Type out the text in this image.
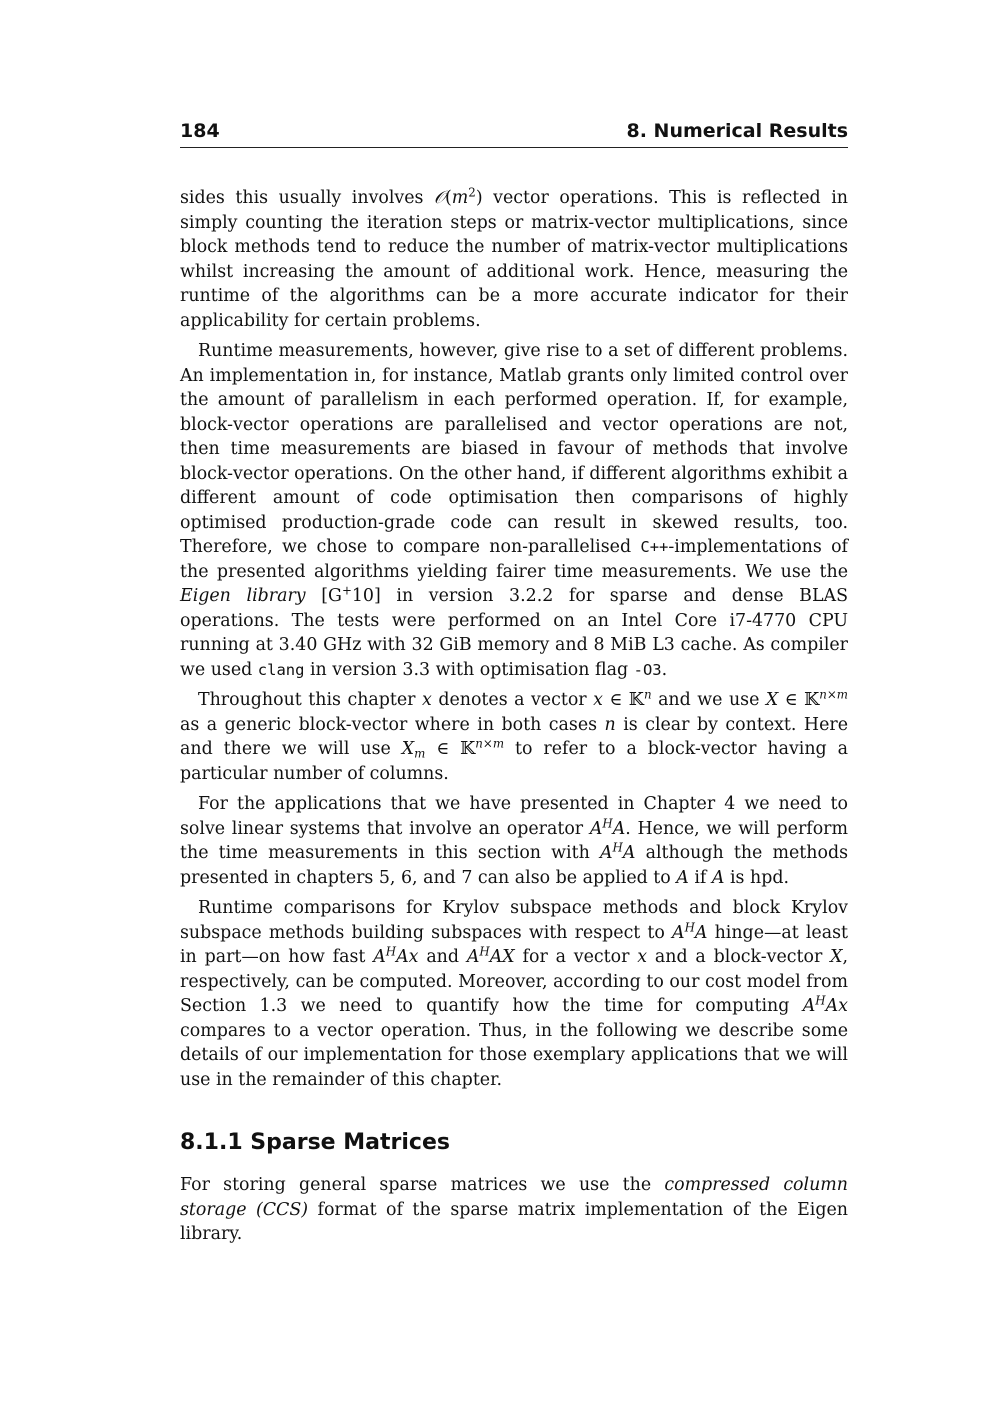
184	8. Numerical Results

sides this usually involves $𝒪(m^2)$ vector operations. This is reflected in simply counting the iteration steps or matrix-vector multiplications, since block methods tend to reduce the number of matrix-vector multiplications whilst increasing the amount of additional work. Hence, measuring the runtime of the algorithms can be a more accurate indicator for their applicability for certain problems.

Runtime measurements, however, give rise to a set of different problems. An implementation in, for instance, Matlab grants only limited control over the amount of parallelism in each performed operation. If, for example, block-vector operations are parallelised and vector operations are not, then time measurements are biased in favour of methods that involve block-vector operations. On the other hand, if different algorithms exhibit a different amount of code optimisation then comparisons of highly optimised production-grade code can result in skewed results, too. Therefore, we chose to compare non-parallelised C++-implementations of the presented algorithms yielding fairer time measurements. We use the Eigen library [G+10] in version 3.2.2 for sparse and dense BLAS operations. The tests were performed on an Intel Core i7-4770 CPU running at 3.40 GHz with 32 GiB memory and 8 MiB L3 cache. As compiler we used clang in version 3.3 with optimisation flag -O3.

Throughout this chapter x denotes a vector x ∈ 𝕂$^n$ and we use X ∈ 𝕂$^{n\times m}$ as a generic block-vector where in both cases n is clear by context. Here and there we will use $X_m$ ∈ 𝕂$^{n\times m}$ to refer to a block-vector having a particular number of columns.

For the applications that we have presented in Chapter 4 we need to solve linear systems that involve an operator $A^HA$. Hence, we will perform the time measurements in this section with $A^HA$ although the methods presented in chapters 5, 6, and 7 can also be applied to A if A is hpd.

Runtime comparisons for Krylov subspace methods and block Krylov subspace methods building subspaces with respect to $A^HA$ hinge—at least in part—on how fast $A^HAx$ and $A^HAX$ for a vector x and a block-vector X, respectively, can be computed. Moreover, according to our cost model from Section 1.3 we need to quantify how the time for computing $A^HAx$ compares to a vector operation. Thus, in the following we describe some details of our implementation for those exemplary applications that we will use in the remainder of this chapter.

8.1.1 Sparse Matrices

For storing general sparse matrices we use the compressed column storage (CCS) format of the sparse matrix implementation of the Eigen library.
